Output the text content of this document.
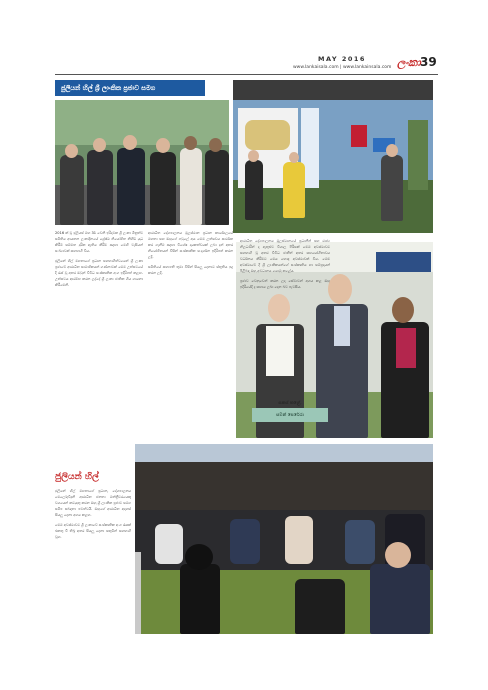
MAY 2016
www.lankaisala.com | www.lankainsala.com ලංකා 39
ජුලියන් හිල් ශ්‍රී ලාංකික ප්‍රජාව සමග

2016 ක් වූ ජූලියස් මහ 31 වෙනි ඉරිදාවක ශ්‍රී ලංකා මිත්‍රත්ව සමිතිය ආයතන ලංකාදිනයේ ශ්‍රේෂ්ඨ නියෝජිත නිහිඩ් යුධ කිරීම් සම්මත දුරික ඇතිය කිරීම සඳහා මෙහි වැසියන් සංඛ්‍යාවක් සහභාගී විය.

ජූලියන් හිල් මහතාගේ ප්‍රධාන සහභාගීත්වයෙන් ශ්‍රී ලංකා ප්‍රජාවේ ආරාධිත සාමාජිකයන් ගණනාවක් මෙම උත්සවයේ දී රැස් වූ අතර ඔවුන් විවිධ සංස්කෘතික අංග ඉදිරිපත් කළහ. උත්සවය ආරම්භ කරන ලද්දේ ශ්‍රී ලංකා ජාතික ගීය ගායනා කිරීමෙනි.

ආරාධිත දේශපාලනය මූලස්ථාන ප්‍රධාන කාර්යාලයේ මහතා සහ ඔහුගේ පවුලේ අය මෙම උත්සවය සාර්ථක කර ගැනීම සඳහා විශේෂ දායකත්වයක් ලබා දුන් අතර නියෝජිතයන් විසින් සංස්කෘතික සංදර්ශන ඉදිරිපත් කරන ලදී.

සමිතියේ සභාපති තුමා විසින් සියලු දෙනාට ස්තූතිය පුද කරන ලදී.

ආරාධිත දේශපාලනය මූලස්ථානයේ ප්‍රධානීන් සහ රාජ්‍ය නිලධාරීන් ද ඇතුළුව විශාල පිරිසක් මෙම අවස්ථාවට සහභාගී වූ අතර විවිධ ජාතීන් අතර සහයෝගීතාවය වර්ධනය කිරීමට මෙය හොඳ අවස්ථාවක් විය. මෙම අවස්ථාවේ දී ශ්‍රී ලාංකිකයන්ගේ සංස්කෘතිය හා සම්ප්‍රදායන් පිළිබඳ ඔහු අවධානය යොමු කළේය.

ප්‍රජාව වෙනුවෙන් කරන ලද සේවාවන් අගය කළ ඔහු ඉදිරියේදී ද සහාය ලබා දෙන බව පැවසීය.

සකස් කළේ,
සමන් පෙරේරා
ජුලියන් හිල්

ජුලියන් හිල් මහතාගේ ප්‍රධාන, දේශපාලනය මෙලෝදාවිදුනි ආරාධිත ජනතා මන්ත්‍රීවරයෙකු වශයෙන් කටයුතු කරන ඔහු ශ්‍රී ලාංකික ප්‍රජාව සමග සමීප සබඳතා පවත්වයි. ඔහුගේ ආරාධිත අදහස් සියලු දෙනා අගය කළහ.

මෙම අවස්ථාවට ශ්‍රී ලංකාවේ සංස්කෘතික අංග රැසක් එකතු වී තිබූ අතර සියලු දෙනා සතුටින් සහභාගී වූහ.
